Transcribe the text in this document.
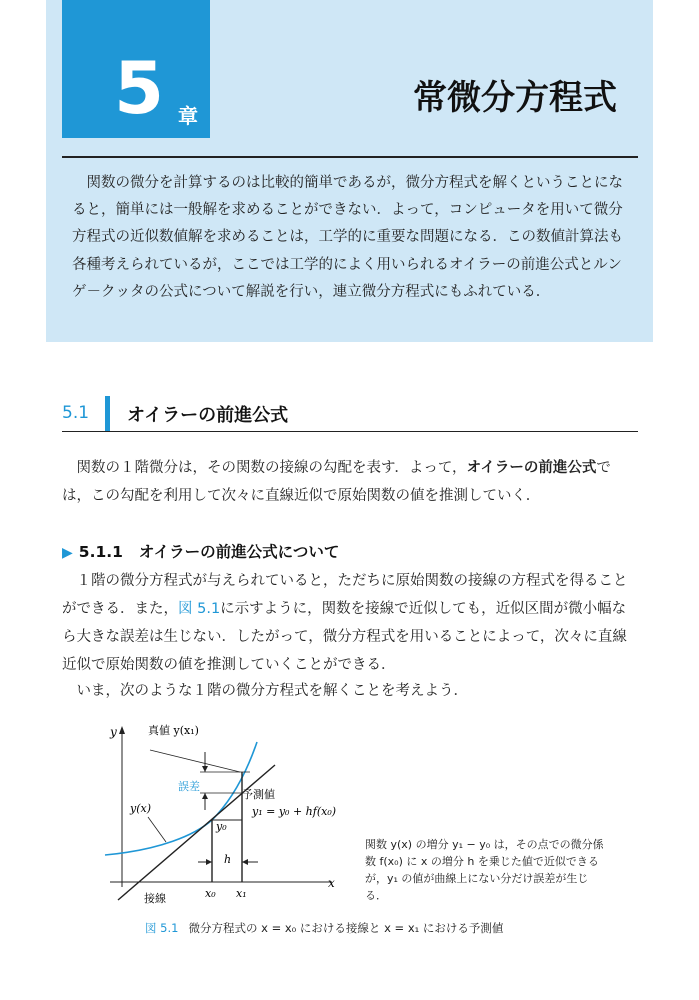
5 章	常微分方程式

関数の微分を計算するのは比較的簡単であるが，微分方程式を解くということになると，簡単には一般解を求めることができない．よって，コンピュータを用いて微分方程式の近似数値解を求めることは，工学的に重要な問題になる．この数値計算法も各種考えられているが，ここでは工学的によく用いられるオイラーの前進公式とルンゲ－クッタの公式について解説を行い，連立微分方程式にもふれている．

5.1 オイラーの前進公式

関数の１階微分は，その関数の接線の勾配を表す．よって，オイラーの前進公式では，この勾配を利用して次々に直線近似で原始関数の値を推測していく．

▶ 5.1.1 オイラーの前進公式について

１階の微分方程式が与えられていると，ただちに原始関数の接線の方程式を得ることができる．また，図 5.1に示すように，関数を接線で近似しても，近似区間が微小幅なら大きな誤差は生じない．したがって，微分方程式を用いることによって，次々に直線近似で原始関数の値を推測していくことができる．

いま，次のような１階の微分方程式を解くことを考えよう．

y
x
真値 y(x₁)
誤差
y(x)
予測値
y₁ = y₀ + hf(x₀)
y₀
h
x₀ x₁
接線

関数 y(x) の増分 y₁ − y₀ は，その点での微分係数 f(x₀) に x の増分 h を乗じた値で近似できるが，y₁ の値が曲線上にない分だけ誤差が生じる．

図 5.1 微分方程式の x = x₀ における接線と x = x₁ における予測値
